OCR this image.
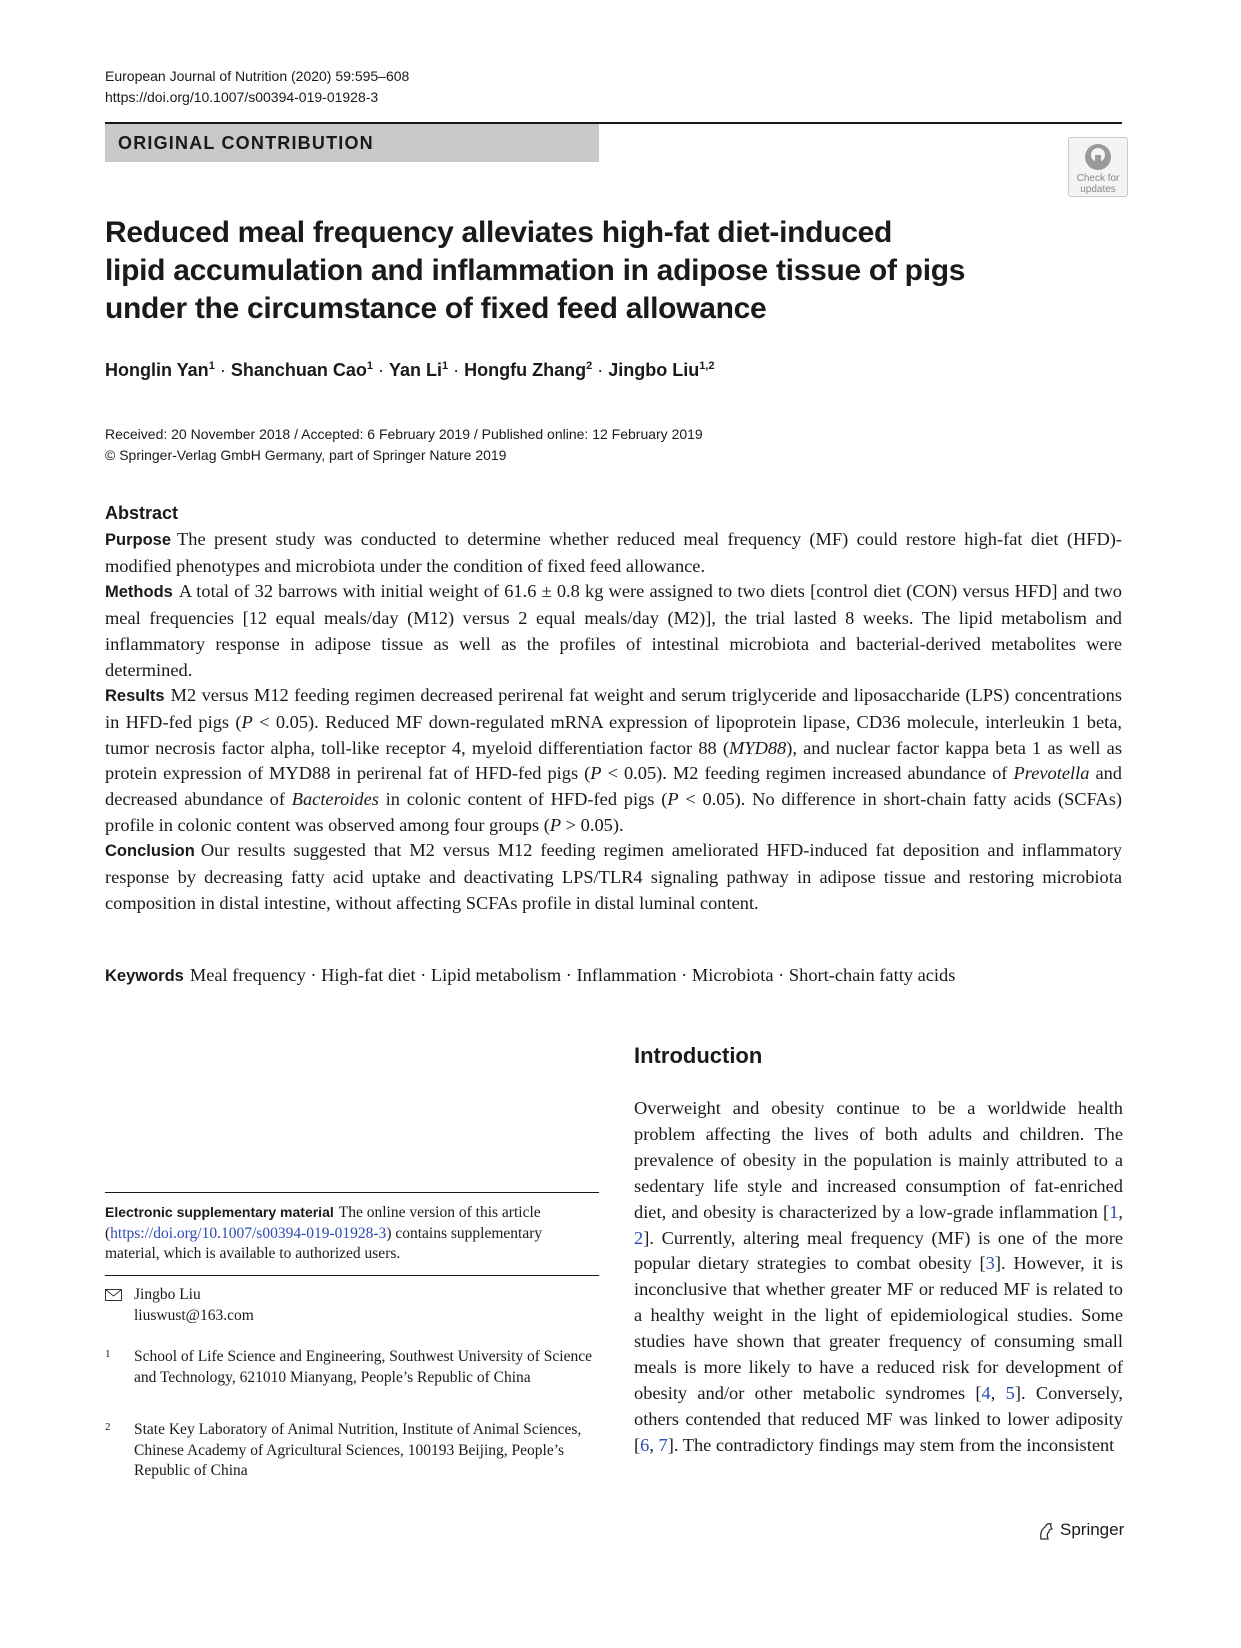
European Journal of Nutrition (2020) 59:595–608
https://doi.org/10.1007/s00394-019-01928-3
ORIGINAL CONTRIBUTION
Check for
updates
Reduced meal frequency alleviates high-fat diet-induced
lipid accumulation and inflammation in adipose tissue of pigs
under the circumstance of fixed feed allowance
Honglin Yan$^1$ · Shanchuan Cao$^1$ · Yan $Li^1$ · Hongfu Zhang$^2$ · Jingbo Liu$^{1,2}$
Received: 20 November 2018 / Accepted: 6 February 2019 / Published online: 12 February 2019
© Springer-Verlag GmbH Germany, part of Springer Nature 2019
Abstract

Purpose The present study was conducted to determine whether reduced meal frequency (MF) could restore high-fat diet (HFD)-modified phenotypes and microbiota under the condition of fixed feed allowance.

Methods A total of 32 barrows with initial weight of 61.6 ± 0.8 kg were assigned to two diets [control diet (CON) versus HFD] and two meal frequencies [12 equal meals/day (M12) versus 2 equal meals/day (M2)], the trial lasted 8 weeks. The lipid metabolism and inflammatory response in adipose tissue as well as the profiles of intestinal microbiota and bacterial-derived metabolites were determined.

Results M2 versus M12 feeding regimen decreased perirenal fat weight and serum triglyceride and liposaccharide (LPS) concentrations in HFD-fed pigs (P < 0.05). Reduced MF down-regulated mRNA expression of lipoprotein lipase, CD36 molecule, interleukin 1 beta, tumor necrosis factor alpha, toll-like receptor 4, myeloid differentiation factor 88 (MYD88), and nuclear factor kappa beta 1 as well as protein expression of MYD88 in perirenal fat of HFD-fed pigs (P < 0.05). M2 feeding regimen increased abundance of Prevotella and decreased abundance of Bacteroides in colonic content of HFD-fed pigs (P < 0.05). No difference in short-chain fatty acids (SCFAs) profile in colonic content was observed among four groups (P > 0.05).

Conclusion Our results suggested that M2 versus M12 feeding regimen ameliorated HFD-induced fat deposition and inflammatory response by decreasing fatty acid uptake and deactivating LPS/TLR4 signaling pathway in adipose tissue and restoring microbiota composition in distal intestine, without affecting SCFAs profile in distal luminal content.

Keywords Meal frequency · High-fat diet · Lipid metabolism · Inflammation · Microbiota · Short-chain fatty acids
Introduction

Overweight and obesity continue to be a worldwide health problem affecting the lives of both adults and children. The prevalence of obesity in the population is mainly attributed to a sedentary life style and increased consumption of fat-enriched diet, and obesity is characterized by a low-grade inflammation [1, 2]. Currently, altering meal frequency (MF) is one of the more popular dietary strategies to combat obesity [3]. However, it is inconclusive that whether greater MF or reduced MF is related to a healthy weight in the light of epidemiological studies. Some studies have shown that greater frequency of consuming small meals is more likely to have a reduced risk for development of obesity and/or other metabolic syndromes [4, 5]. Conversely, others contended that reduced MF was linked to lower adiposity [6, 7]. The contradictory findings may stem from the inconsistent

Electronic supplementary material The online version of this article (https://doi.org/10.1007/s00394-019-01928-3) contains supplementary material, which is available to authorized users.
Jingbo Liu
liuswust@163.com
1 School of Life Science and Engineering, Southwest University of Science and Technology, 621010 Mianyang, People’s Republic of China
2 State Key Laboratory of Animal Nutrition, Institute of Animal Sciences, Chinese Academy of Agricultural Sciences, 100193 Beijing, People’s Republic of China
Springer
